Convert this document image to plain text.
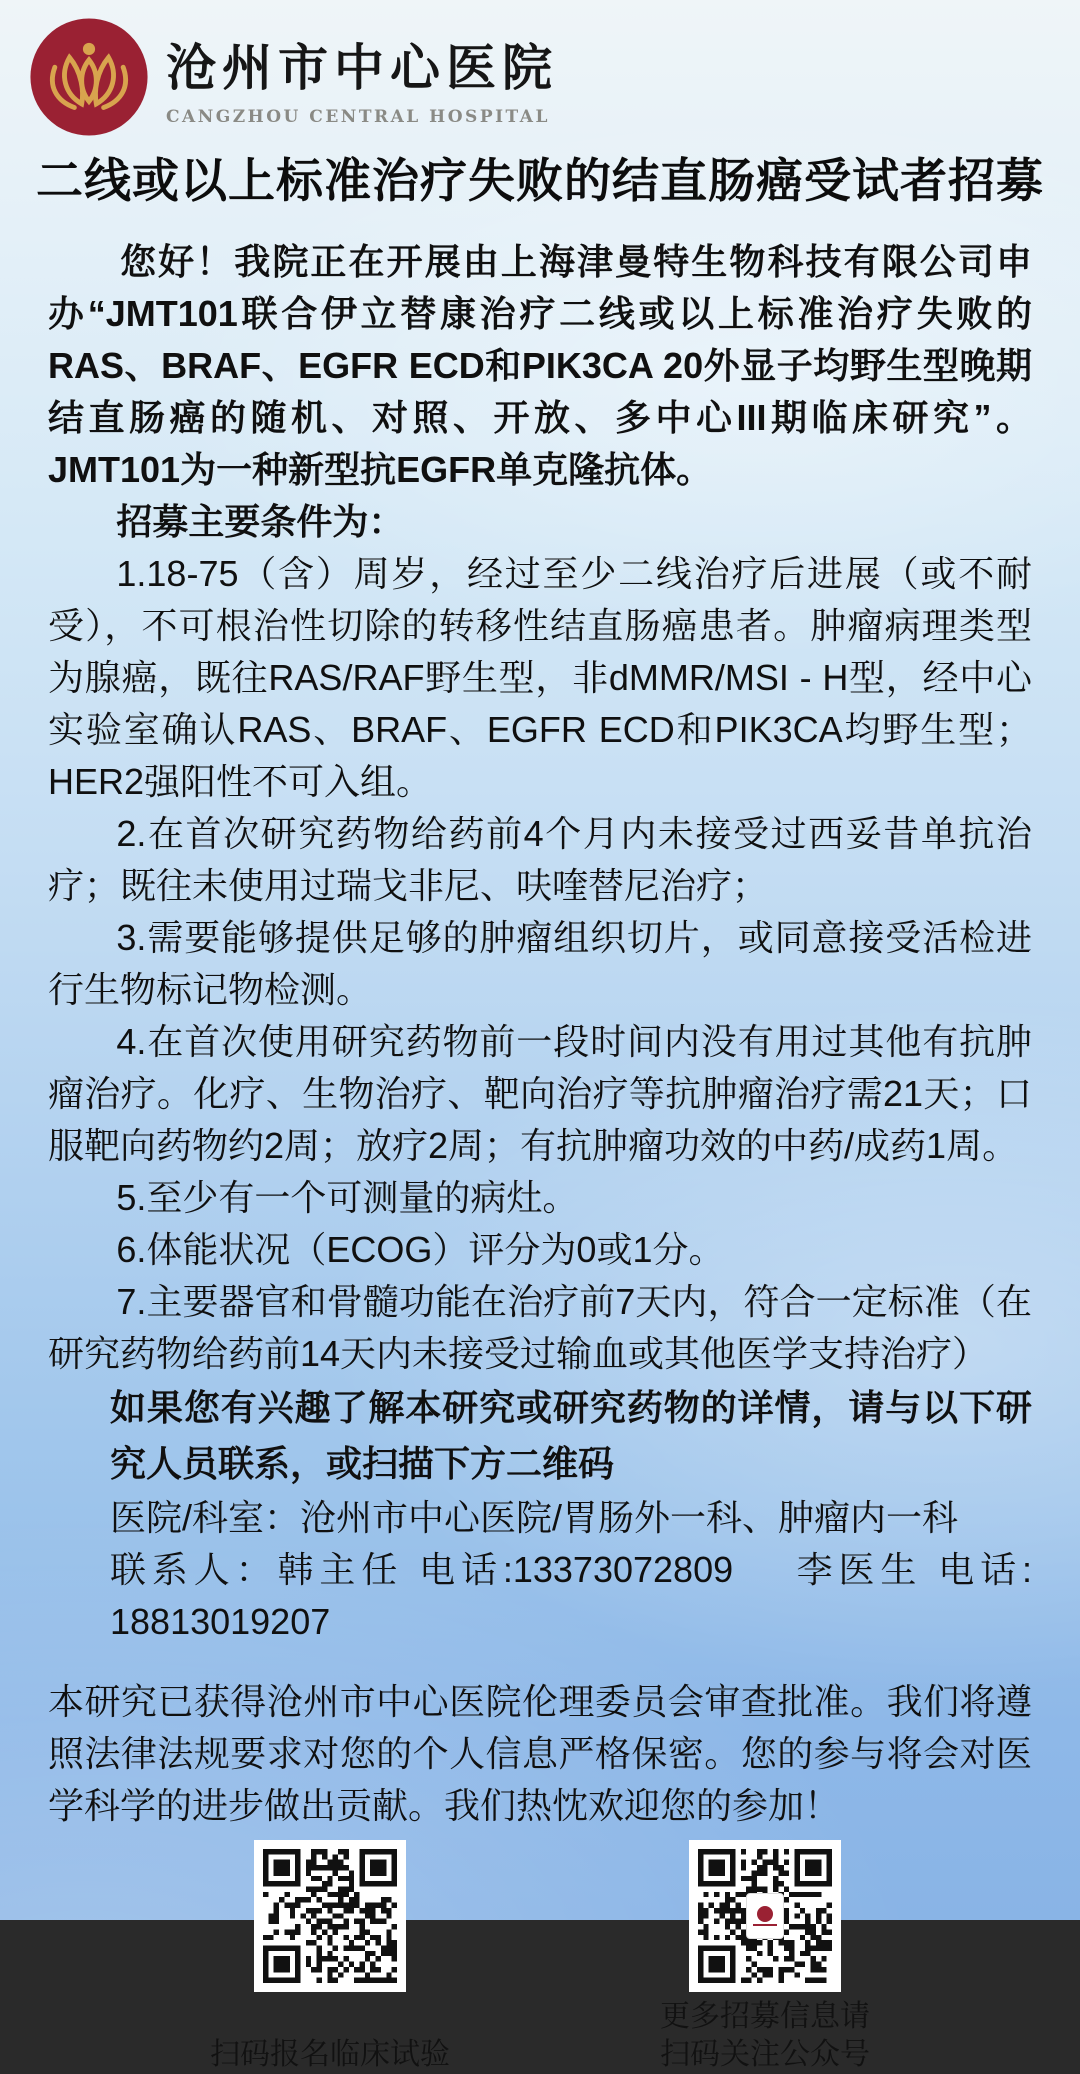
沧州市中心医院
CANGZHOU CENTRAL HOSPITAL
二线或以上标准治疗失败的结直肠癌受试者招募

您好！我院正在开展由上海津曼特生物科技有限公司申办“JMT101联合伊立替康治疗二线或以上标准治疗失败的RAS、BRAF、EGFR ECD和PIK3CA 20外显子均野生型晚期结直肠癌的随机、对照、开放、多中心III期临床研究”。JMT101为一种新型抗EGFR单克隆抗体。

招募主要条件为：

1.18-75（含）周岁，经过至少二线治疗后进展（或不耐受），不可根治性切除的转移性结直肠癌患者。肿瘤病理类型为腺癌，既往RAS/RAF野生型，非dMMR/MSI - H型，经中心实验室确认RAS、BRAF、EGFR ECD和PIK3CA均野生型；HER2强阳性不可入组。

2.在首次研究药物给药前4个月内未接受过西妥昔单抗治疗；既往未使用过瑞戈非尼、呋喹替尼治疗；

3.需要能够提供足够的肿瘤组织切片，或同意接受活检进行生物标记物检测。

4.在首次使用研究药物前一段时间内没有用过其他有抗肿瘤治疗。化疗、生物治疗、靶向治疗等抗肿瘤治疗需21天；口服靶向药物约2周；放疗2周；有抗肿瘤功效的中药/成药1周。

5.至少有一个可测量的病灶。

6.体能状况（ECOG）评分为0或1分。

7.主要器官和骨髓功能在治疗前7天内，符合一定标准（在研究药物给药前14天内未接受过输血或其他医学支持治疗）

如果您有兴趣了解本研究或研究药物的详情，请与以下研究人员联系，或扫描下方二维码

医院/科室：沧州市中心医院/胃肠外一科、肿瘤内一科

联系人：韩主任 电话:13373072809    李医生 电话: 18813019207

本研究已获得沧州市中心医院伦理委员会审查批准。我们将遵照法律法规要求对您的个人信息严格保密。您的参与将会对医学科学的进步做出贡献。我们热忱欢迎您的参加！

扫码报名临床试验
更多招募信息请
扫码关注公众号
